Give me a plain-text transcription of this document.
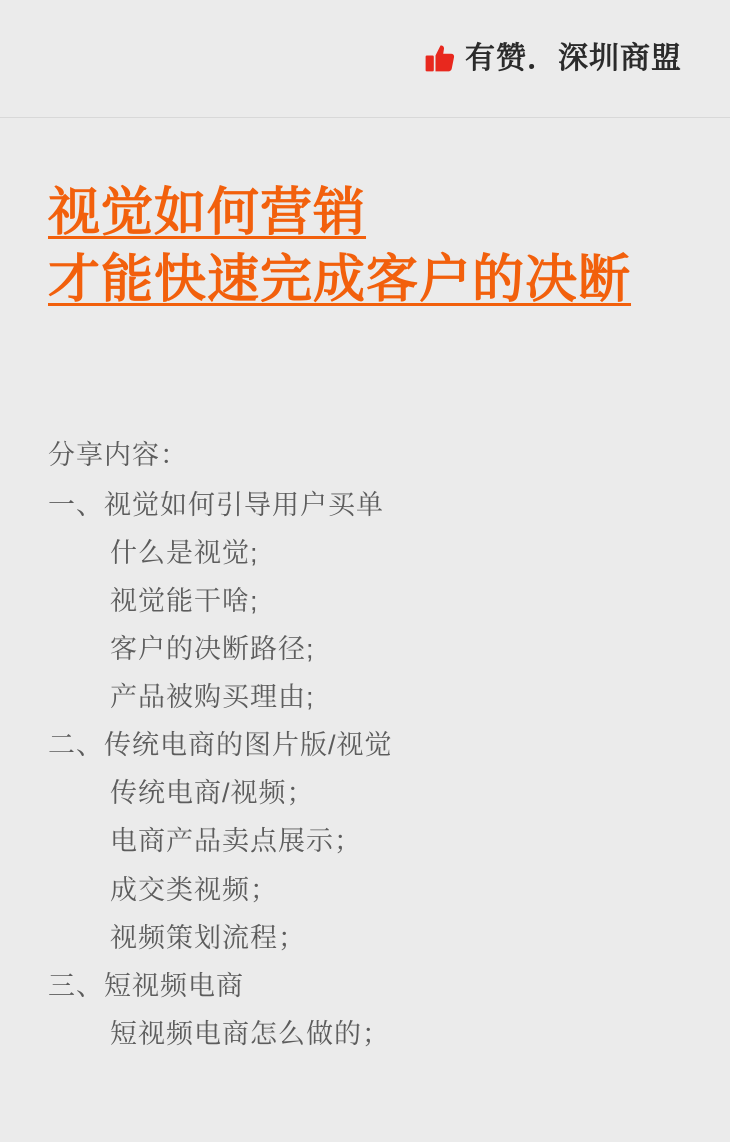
有赞．深圳商盟
视觉如何营销
才能快速完成客户的决断

分享内容：

一、视觉如何引导用户买单

什么是视觉;

视觉能干啥;

客户的决断路径;

产品被购买理由;

二、传统电商的图片版/视觉

传统电商/视频；

电商产品卖点展示；

成交类视频；

视频策划流程；

三、短视频电商

短视频电商怎么做的；
